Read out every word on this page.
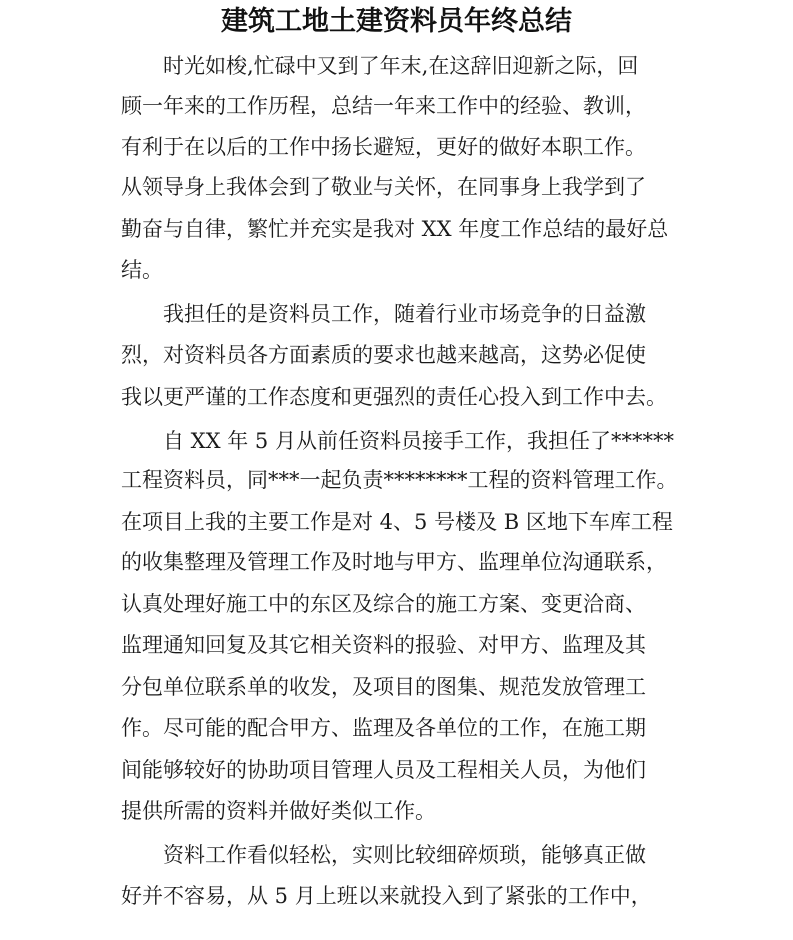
建筑工地土建资料员年终总结
时光如梭,忙碌中又到了年末,在这辞旧迎新之际，回
顾一年来的工作历程，总结一年来工作中的经验、教训，
有利于在以后的工作中扬长避短，更好的做好本职工作。
从领导身上我体会到了敬业与关怀，在同事身上我学到了
勤奋与自律，繁忙并充实是我对 XX 年度工作总结的最好总
结。
我担任的是资料员工作，随着行业市场竞争的日益激
烈，对资料员各方面素质的要求也越来越高，这势必促使
我以更严谨的工作态度和更强烈的责任心投入到工作中去。
自 XX 年 5 月从前任资料员接手工作，我担任了******
工程资料员，同***一起负责********工程的资料管理工作。
在项目上我的主要工作是对 4、5 号楼及 B 区地下车库工程
的收集整理及管理工作及时地与甲方、监理单位沟通联系，
认真处理好施工中的东区及综合的施工方案、变更洽商、
监理通知回复及其它相关资料的报验、对甲方、监理及其
分包单位联系单的收发，及项目的图集、规范发放管理工
作。尽可能的配合甲方、监理及各单位的工作，在施工期
间能够较好的协助项目管理人员及工程相关人员，为他们
提供所需的资料并做好类似工作。
资料工作看似轻松，实则比较细碎烦琐，能够真正做
好并不容易，从 5 月上班以来就投入到了紧张的工作中，
